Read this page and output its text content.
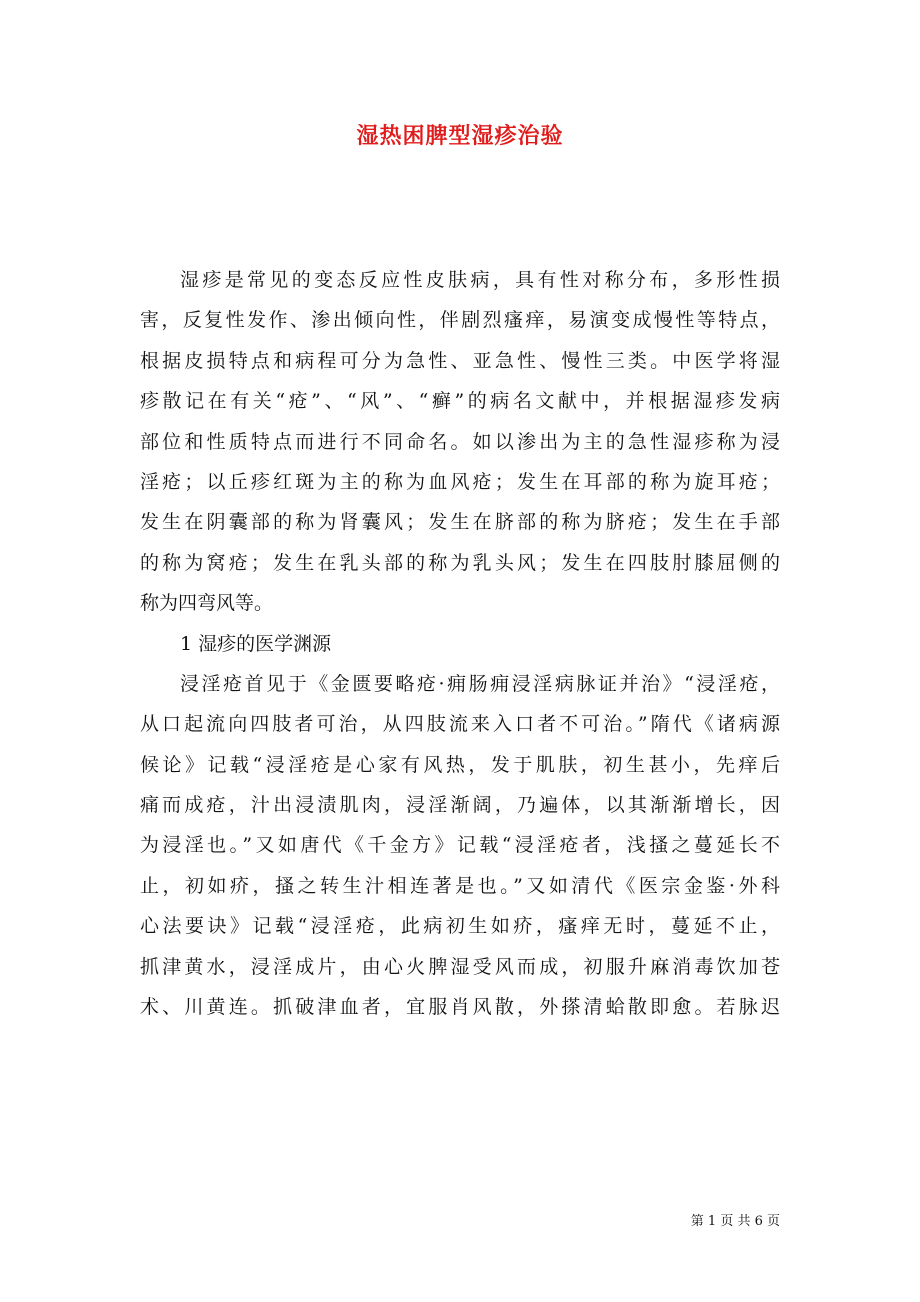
湿热困脾型湿疹治验
湿疹是常见的变态反应性皮肤病，具有性对称分布，多形性损
害，反复性发作、渗出倾向性，伴剧烈瘙痒，易演变成慢性等特点，
根据皮损特点和病程可分为急性、亚急性、慢性三类。中医学将湿
疹散记在有关“疮”、“风”、“癣”的病名文献中，并根据湿疹发病
部位和性质特点而进行不同命名。如以渗出为主的急性湿疹称为浸
淫疮；以丘疹红斑为主的称为血风疮；发生在耳部的称为旋耳疮；
发生在阴囊部的称为肾囊风；发生在脐部的称为脐疮；发生在手部
的称为窝疮；发生在乳头部的称为乳头风；发生在四肢肘膝屈侧的
称为四弯风等。
1 湿疹的医学渊源
浸淫疮首见于《金匮要略疮·痈肠痈浸淫病脉证并治》“浸淫疮，
从口起流向四肢者可治，从四肢流来入口者不可治。”隋代《诸病源
候论》记载“浸淫疮是心家有风热，发于肌肤，初生甚小，先痒后
痛而成疮，汁出浸渍肌肉，浸淫渐阔，乃遍体，以其渐渐增长，因
为浸淫也。”又如唐代《千金方》记载“浸淫疮者，浅搔之蔓延长不
止，初如疥，搔之转生汁相连著是也。”又如清代《医宗金鉴·外科
心法要诀》记载“浸淫疮，此病初生如疥，瘙痒无时，蔓延不止，
抓津黄水，浸淫成片，由心火脾湿受风而成，初服升麻消毒饮加苍
术、川黄连。抓破津血者，宜服肖风散，外搽清蛤散即愈。若脉迟
第 1 页 共 6 页
